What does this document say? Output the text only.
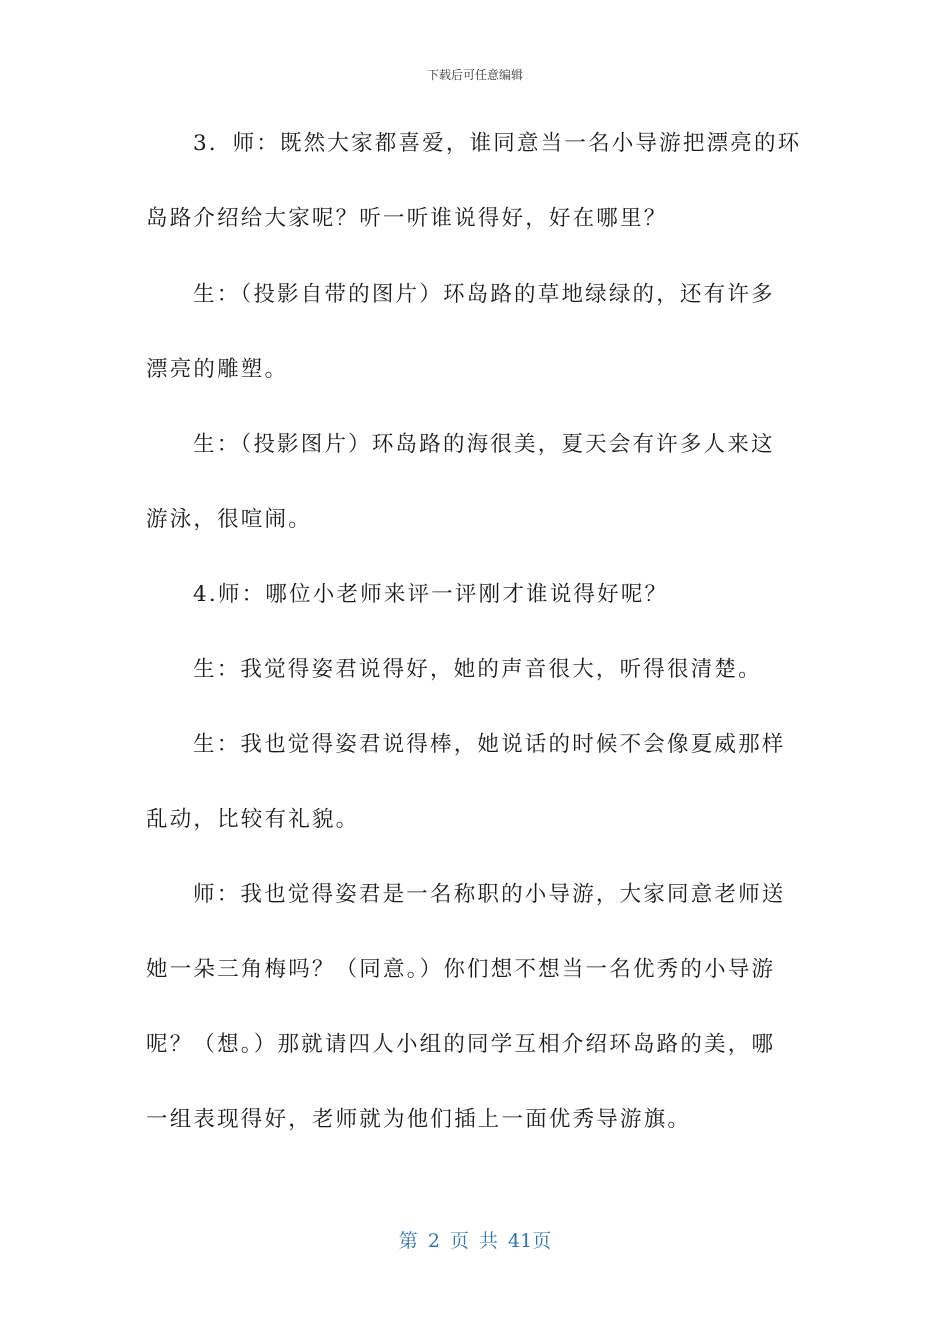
下载后可任意编辑
3．师：既然大家都喜爱，谁同意当一名小导游把漂亮的环
岛路介绍给大家呢？听一听谁说得好，好在哪里？
生：（投影自带的图片）环岛路的草地绿绿的，还有许多
漂亮的雕塑。
生：（投影图片）环岛路的海很美，夏天会有许多人来这
游泳，很喧闹。
4.师：哪位小老师来评一评刚才谁说得好呢？
生：我觉得姿君说得好，她的声音很大，听得很清楚。
生：我也觉得姿君说得棒，她说话的时候不会像夏威那样
乱动，比较有礼貌。
师：我也觉得姿君是一名称职的小导游，大家同意老师送
她一朵三角梅吗？（同意。）你们想不想当一名优秀的小导游
呢？（想。）那就请四人小组的同学互相介绍环岛路的美，哪
一组表现得好，老师就为他们插上一面优秀导游旗。
第 2 页 共 41页
